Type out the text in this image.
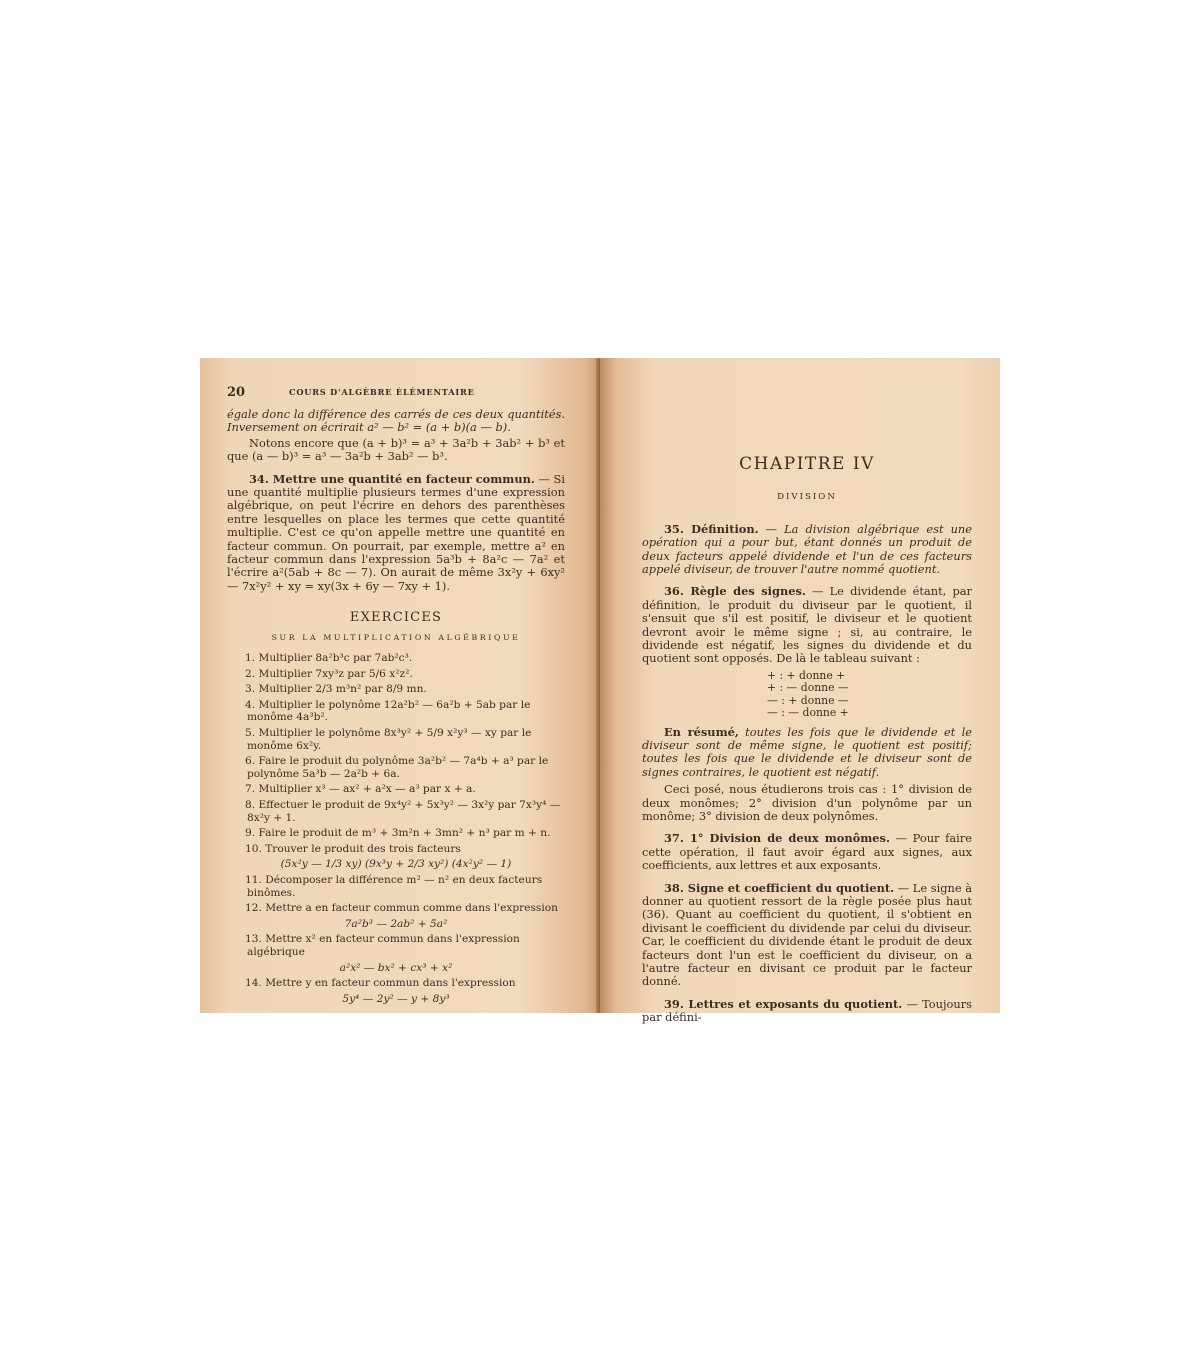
20	COURS D'ALGÈBRE ÉLÉMENTAIRE

égale donc la différence des carrés de ces deux quantités. Inversement on écrirait a² — b² = (a + b)(a — b).

Notons encore que (a + b)³ = a³ + 3a²b + 3ab² + b³ et que (a — b)³ = a³ — 3a²b + 3ab² — b³.

34. Mettre une quantité en facteur commun. — Si une quantité multiplie plusieurs termes d'une expression algébrique, on peut l'écrire en dehors des parenthèses entre lesquelles on place les termes que cette quantité multiplie. C'est ce qu'on appelle mettre une quantité en facteur commun. On pourrait, par exemple, mettre a² en facteur commun dans l'expression 5a³b + 8a²c — 7a² et l'écrire a²(5ab + 8c — 7). On aurait de même 3x²y + 6xy² — 7x²y² + xy = xy(3x + 6y — 7xy + 1).

EXERCICES
SUR LA MULTIPLICATION ALGÉBRIQUE
1. Multiplier 8a²b³c par 7ab²c³.
2. Multiplier 7xy³z par 5/6 x²z².
3. Multiplier 2/3 m³n² par 8/9 mn.
4. Multiplier le polynôme 12a²b² — 6a²b + 5ab par le monôme 4a³b².
5. Multiplier le polynôme 8x³y² + 5/9 x²y³ — xy par le monôme 6x²y.
6. Faire le produit du polynôme 3a²b² — 7a⁴b + a³ par le polynôme 5a³b — 2a²b + 6a.
7. Multiplier x³ — ax² + a²x — a³ par x + a.
8. Effectuer le produit de 9x⁴y² + 5x³y² — 3x²y par 7x³y⁴ — 8x²y + 1.
9. Faire le produit de m³ + 3m²n + 3mn² + n³ par m + n.
10. Trouver le produit des trois facteurs
(5x²y — 1/3 xy) (9x³y + 2/3 xy²) (4x²y² — 1)
11. Décomposer la différence m² — n² en deux facteurs binômes.
12. Mettre a en facteur commun comme dans l'expression
7a²b³ — 2ab² + 5a²
13. Mettre x² en facteur commun dans l'expression algébrique
a²x² — bx² + cx³ + x²
14. Mettre y en facteur commun dans l'expression
5y⁴ — 2y² — y + 8y³
CHAPITRE IV
DIVISION

35. Définition. — La division algébrique est une opération qui a pour but, étant donnés un produit de deux facteurs appelé dividende et l'un de ces facteurs appelé diviseur, de trouver l'autre nommé quotient.

36. Règle des signes. — Le dividende étant, par définition, le produit du diviseur par le quotient, il s'ensuit que s'il est positif, le diviseur et le quotient devront avoir le même signe ; si, au contraire, le dividende est négatif, les signes du dividende et du quotient sont opposés. De là le tableau suivant :

+ : + donne +
+ : — donne —
— : + donne —
— : — donne +

En résumé, toutes les fois que le dividende et le diviseur sont de même signe, le quotient est positif; toutes les fois que le dividende et le diviseur sont de signes contraires, le quotient est négatif.

Ceci posé, nous étudierons trois cas : 1° division de deux monômes; 2° division d'un polynôme par un monôme; 3° division de deux polynômes.

37. 1° Division de deux monômes. — Pour faire cette opération, il faut avoir égard aux signes, aux coefficients, aux lettres et aux exposants.

38. Signe et coefficient du quotient. — Le signe à donner au quotient ressort de la règle posée plus haut (36). Quant au coefficient du quotient, il s'obtient en divisant le coefficient du dividende par celui du diviseur. Car, le coefficient du dividende étant le produit de deux facteurs dont l'un est le coefficient du diviseur, on a l'autre facteur en divisant ce produit par le facteur donné.

39. Lettres et exposants du quotient. — Toujours par défini-
